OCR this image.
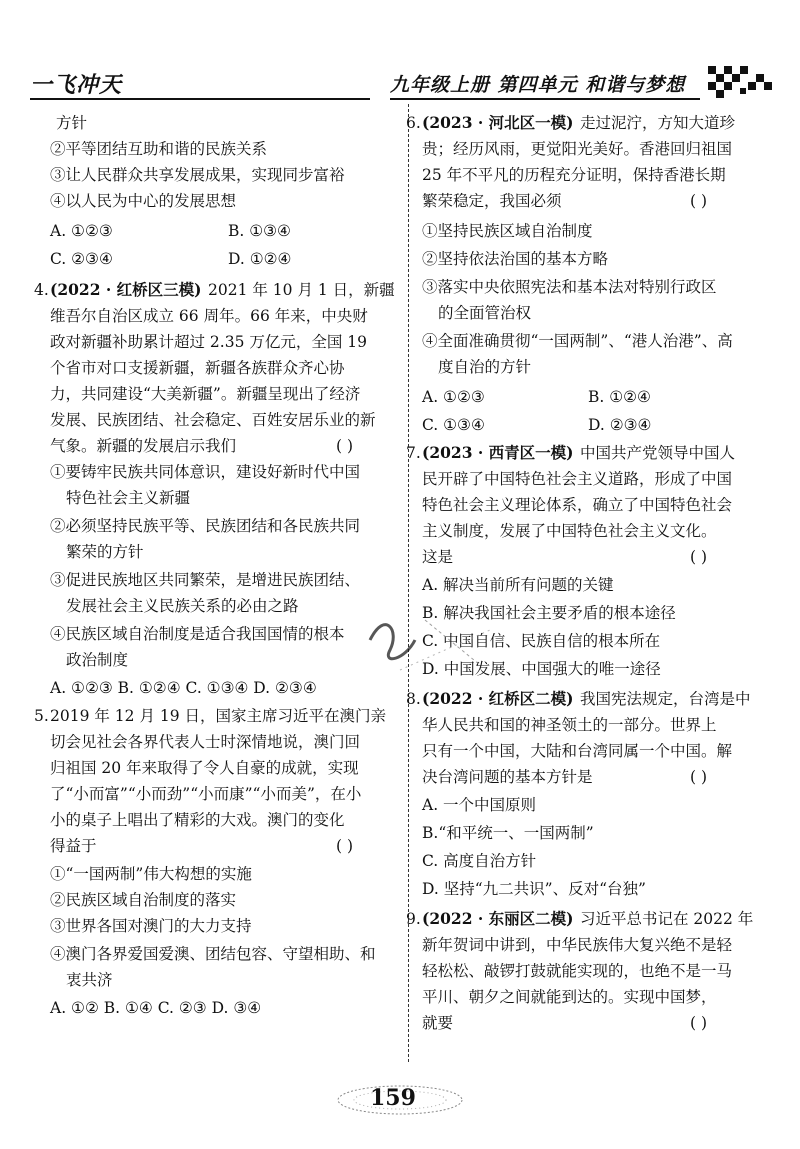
一飞冲天	九年级上册 第四单元 和谐与梦想
方针
②平等团结互助和谐的民族关系
③让人民群众共享发展成果，实现同步富裕
④以人民为中心的发展思想
A. ①②③	B. ①③④
C. ②③④	D. ①②④
4. (2022 · 红桥区三模) 2021 年 10 月 1 日，新疆
维吾尔自治区成立 66 周年。66 年来，中央财
政对新疆补助累计超过 2.35 万亿元，全国 19
个省市对口支援新疆，新疆各族群众齐心协
力，共同建设“大美新疆”。新疆呈现出了经济
发展、民族团结、社会稳定、百姓安居乐业的新
气象。新疆的发展启示我们	( )
①要铸牢民族共同体意识，建设好新时代中国
特色社会主义新疆
②必须坚持民族平等、民族团结和各民族共同
繁荣的方针
③促进民族地区共同繁荣，是增进民族团结、
发展社会主义民族关系的必由之路
④民族区域自治制度是适合我国国情的根本
政治制度
A. ①②③ B. ①②④ C. ①③④ D. ②③④
5. 2019 年 12 月 19 日，国家主席习近平在澳门亲
切会见社会各界代表人士时深情地说，澳门回
归祖国 20 年来取得了令人自豪的成就，实现
了“小而富”“小而劲”“小而康”“小而美”，在小
小的桌子上唱出了精彩的大戏。澳门的变化
得益于	( )
①“一国两制”伟大构想的实施
②民族区域自治制度的落实
③世界各国对澳门的大力支持
④澳门各界爱国爱澳、团结包容、守望相助、和
衷共济
A. ①② B. ①④ C. ②③ D. ③④
6. (2023 · 河北区一模) 走过泥泞，方知大道珍
贵；经历风雨，更觉阳光美好。香港回归祖国
25 年不平凡的历程充分证明，保持香港长期
繁荣稳定，我国必须	( )
①坚持民族区域自治制度
②坚持依法治国的基本方略
③落实中央依照宪法和基本法对特别行政区
的全面管治权
④全面准确贯彻“一国两制”、“港人治港”、高
度自治的方针
A. ①②③	B. ①②④
C. ①③④	D. ②③④
7. (2023 · 西青区一模) 中国共产党领导中国人
民开辟了中国特色社会主义道路，形成了中国
特色社会主义理论体系，确立了中国特色社会
主义制度，发展了中国特色社会主义文化。
这是	( )
A. 解决当前所有问题的关键
B. 解决我国社会主要矛盾的根本途径
C. 中国自信、民族自信的根本所在
D. 中国发展、中国强大的唯一途径
8. (2022 · 红桥区二模) 我国宪法规定，台湾是中
华人民共和国的神圣领土的一部分。世界上
只有一个中国，大陆和台湾同属一个中国。解
决台湾问题的基本方针是	( )
A. 一个中国原则
B.“和平统一、一国两制”
C. 高度自治方针
D. 坚持“九二共识”、反对“台独”
9. (2022 · 东丽区二模) 习近平总书记在 2022 年
新年贺词中讲到，中华民族伟大复兴绝不是轻
轻松松、敲锣打鼓就能实现的，也绝不是一马
平川、朝夕之间就能到达的。实现中国梦，
就要	( )
159
